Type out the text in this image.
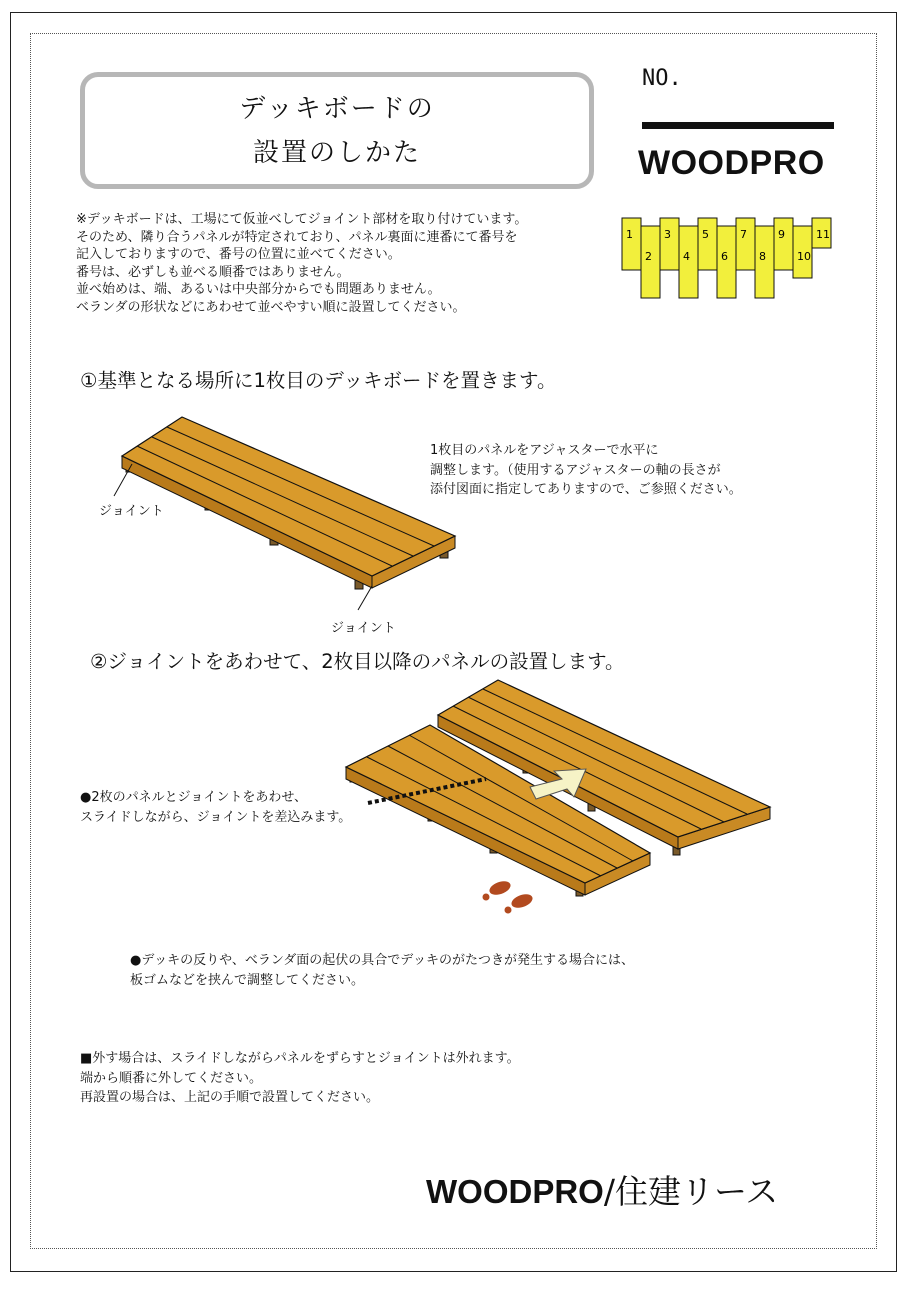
デッキボードの
設置のしかた
NO.
WOODPRO
※デッキボードは、工場にて仮並べしてジョイント部材を取り付けています。
そのため、隣り合うパネルが特定されており、パネル裏面に連番にて番号を
記入しておりますので、番号の位置に並べてください。
番号は、必ずしも並べる順番ではありません。
並べ始めは、端、あるいは中央部分からでも問題ありません。
ベランダの形状などにあわせて並べやすい順に設置してください。
1
2
3
4
5
6
7
8
9
10
11
①基準となる場所に1枚目のデッキボードを置きます。
ジョイント
ジョイント
1枚目のパネルをアジャスターで水平に
調整します。（使用するアジャスターの軸の長さが
添付図面に指定してありますので、ご参照ください。
②ジョイントをあわせて、2枚目以降のパネルの設置します。
●2枚のパネルとジョイントをあわせ、
スライドしながら、ジョイントを差込みます。
●デッキの反りや、ベランダ面の起伏の具合でデッキのがたつきが発生する場合には、
板ゴムなどを挟んで調整してください。
■外す場合は、スライドしながらパネルをずらすとジョイントは外れます。
端から順番に外してください。
再設置の場合は、上記の手順で設置してください。
WOODPRO/住建リース
